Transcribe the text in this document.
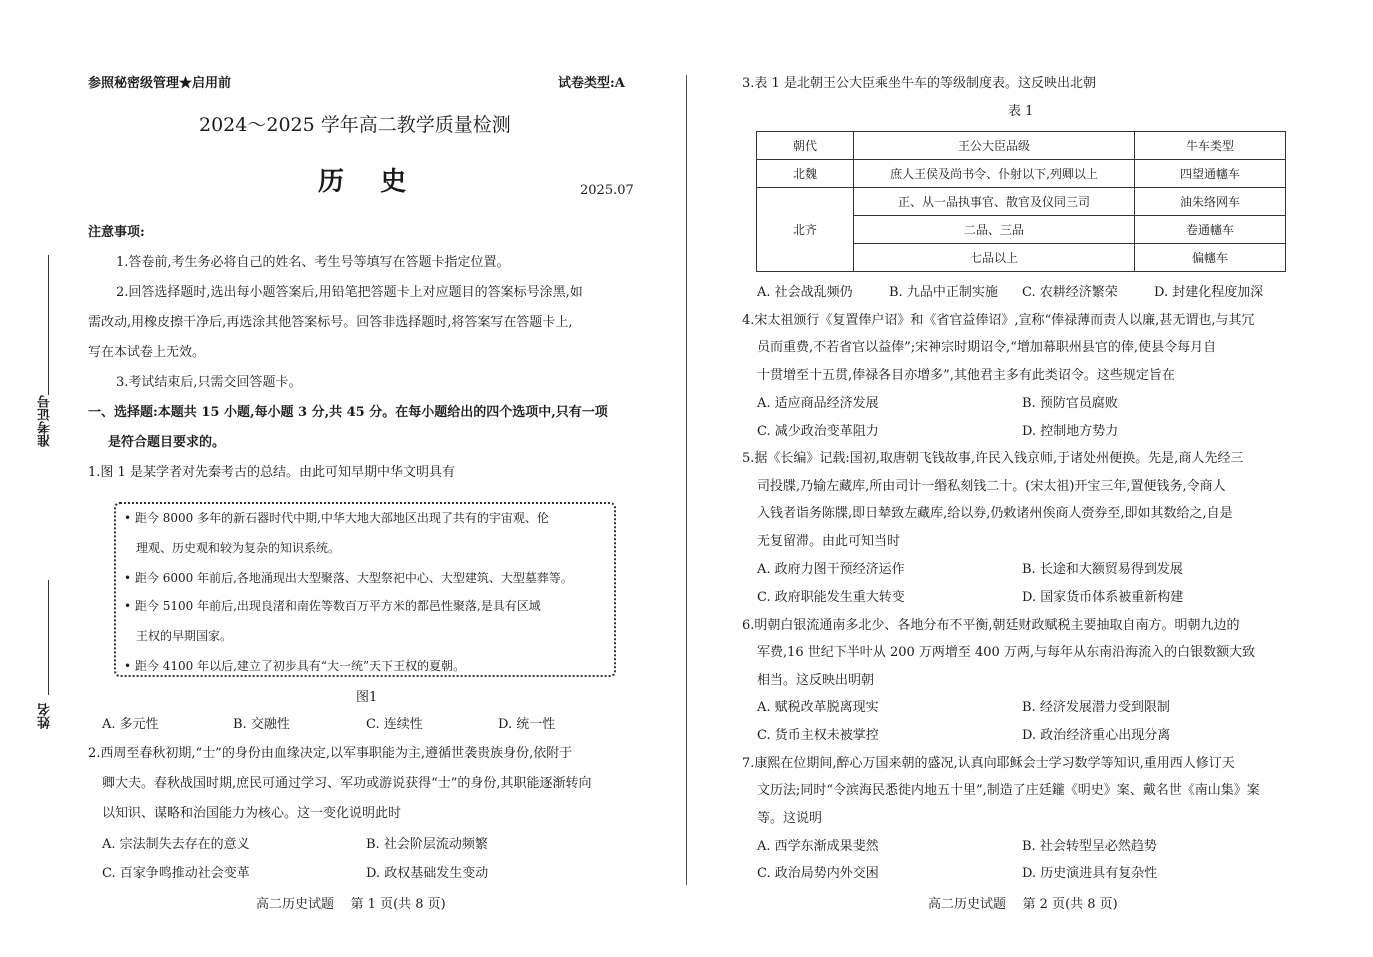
参照秘密级管理★启用前	试卷类型:A
2024～2025 学年高二教学质量检测
历    史	2025.07
注意事项:
1.答卷前,考生务必将自己的姓名、考生号等填写在答题卡指定位置。
2.回答选择题时,选出每小题答案后,用铅笔把答题卡上对应题目的答案标号涂黑,如
需改动,用橡皮擦干净后,再选涂其他答案标号。回答非选择题时,将答案写在答题卡上,
写在本试卷上无效。
3.考试结束后,只需交回答题卡。
一、选择题:本题共 15 小题,每小题 3 分,共 45 分。在每小题给出的四个选项中,只有一项
是符合题目要求的。
1.图 1 是某学者对先秦考古的总结。由此可知早期中华文明具有
• 距今 8000 多年的新石器时代中期,中华大地大部地区出现了共有的宇宙观、伦
理观、历史观和较为复杂的知识系统。
• 距今 6000 年前后,各地涌现出大型聚落、大型祭祀中心、大型建筑、大型墓葬等。
• 距今 5100 年前后,出现良渚和南佐等数百万平方米的都邑性聚落,是具有区域
王权的早期国家。
• 距今 4100 年以后,建立了初步具有“大一统”天下王权的夏朝。
图1
A. 多元性	B. 交融性	C. 连续性	D. 统一性
2.西周至春秋初期,“士”的身份由血缘决定,以军事职能为主,遵循世袭贵族身份,依附于
卿大夫。春秋战国时期,庶民可通过学习、军功或游说获得“士”的身份,其职能逐渐转向
以知识、谋略和治国能力为核心。这一变化说明此时
A. 宗法制失去存在的意义	B. 社会阶层流动频繁
C. 百家争鸣推动社会变革	D. 政权基础发生变动
高二历史试题    第 1 页(共 8 页)
准考证号
姓名
3.表 1 是北朝王公大臣乘坐牛车的等级制度表。这反映出北朝
表 1
朝代	王公大臣品级	牛车类型
北魏	庶人王侯及尚书令、仆射以下,列卿以上	四望通幰车
北齐	正、从一品执事官、散官及仪同三司	油朱络网车
	二品、三品	卷通幰车
	七品以上	偏幰车
A. 社会战乱频仍	B. 九品中正制实施 C. 农耕经济繁荣	D. 封建化程度加深
4.宋太祖颁行《复置俸户诏》和《省官益俸诏》,宣称“俸禄薄而责人以廉,甚无谓也,与其冗
员而重费,不若省官以益俸”;宋神宗时期诏令,“增加幕职州县官的俸,使县令每月自
十贯增至十五贯,俸禄各目亦增多”,其他君主多有此类诏令。这些规定旨在
A. 适应商品经济发展	B. 预防官员腐败
C. 减少政治变革阻力	D. 控制地方势力
5.据《长编》记载:国初,取唐朝飞钱故事,许民入钱京师,于诸处州便换。先是,商人先经三
司投牒,乃输左藏库,所由司计一缗私刻钱二十。(宋太祖)开宝三年,置便钱务,令商人
入钱者诣务陈牒,即日辇致左藏库,给以券,仍敕诸州俟商人赍券至,即如其数给之,自是
无复留滞。由此可知当时
A. 政府力图干预经济运作	B. 长途和大额贸易得到发展
C. 政府职能发生重大转变	D. 国家货币体系被重新构建
6.明朝白银流通南多北少、各地分布不平衡,朝廷财政赋税主要抽取自南方。明朝九边的
军费,16 世纪下半叶从 200 万两增至 400 万两,与每年从东南沿海流入的白银数额大致
相当。这反映出明朝
A. 赋税改革脱离现实	B. 经济发展潜力受到限制
C. 货币主权未被掌控	D. 政治经济重心出现分离
7.康熙在位期间,醉心万国来朝的盛况,认真向耶稣会士学习数学等知识,重用西人修订天
文历法;同时“令滨海民悉徙内地五十里”,制造了庄廷鑨《明史》案、戴名世《南山集》案
等。这说明
A. 西学东渐成果斐然	B. 社会转型呈必然趋势
C. 政治局势内外交困	D. 历史演进具有复杂性
高二历史试题    第 2 页(共 8 页)
